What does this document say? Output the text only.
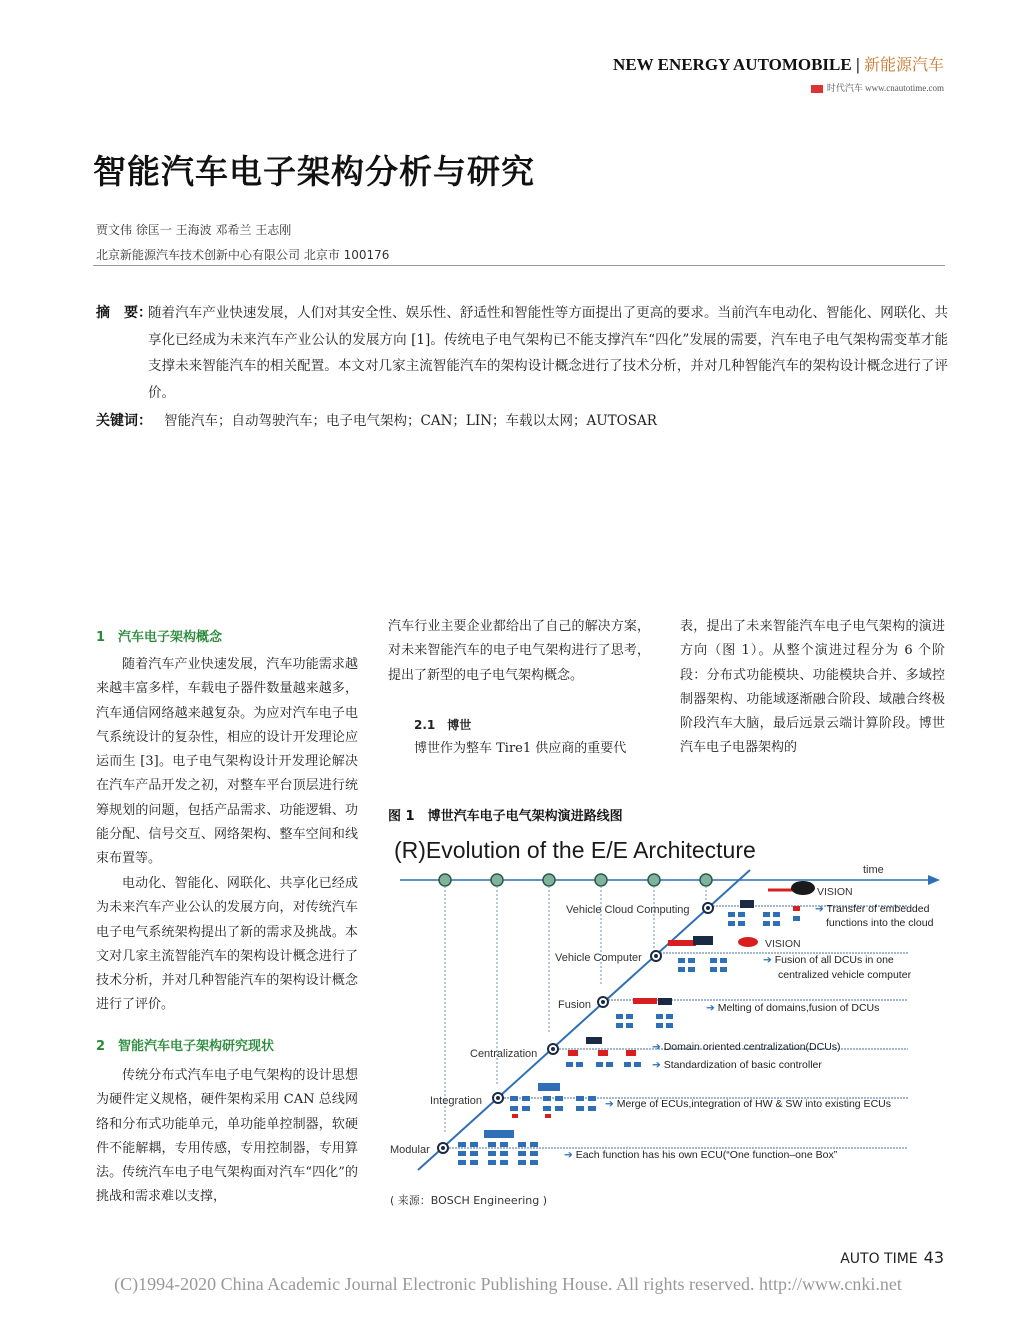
NEW ENERGY AUTOMOBILE | 新能源汽车
时代汽车 www.cnautotime.com
智能汽车电子架构分析与研究
贾文伟 徐匡一 王海波 邓希兰 王志刚
北京新能源汽车技术创新中心有限公司 北京市 100176
摘　要：
随着汽车产业快速发展，人们对其安全性、娱乐性、舒适性和智能性等方面提出了更高的要求。当前汽车电动化、智能化、网联化、共享化已经成为未来汽车产业公认的发展方向 [1]。传统电子电气架构已不能支撑汽车“四化”发展的需要，汽车电子电气架构需变革才能支撑未来智能汽车的相关配置。本文对几家主流智能汽车的架构设计概念进行了技术分析，并对几种智能汽车的架构设计概念进行了评价。
关键词： 智能汽车；自动驾驶汽车；电子电气架构；CAN；LIN；车载以太网；AUTOSAR
1　汽车电子架构概念
随着汽车产业快速发展，汽车功能需求越来越丰富多样，车载电子器件数量越来越多，汽车通信网络越来越复杂。为应对汽车电子电气系统设计的复杂性，相应的设计开发理论应运而生 [3]。电子电气架构设计开发理论解决在汽车产品开发之初，对整车平台顶层进行统筹规划的问题，包括产品需求、功能逻辑、功能分配、信号交互、网络架构、整车空间和线束布置等。
电动化、智能化、网联化、共享化已经成为未来汽车产业公认的发展方向，对传统汽车电子电气系统架构提出了新的需求及挑战。本文对几家主流智能汽车的架构设计概念进行了技术分析，并对几种智能汽车的架构设计概念进行了评价。
2　智能汽车电子架构研究现状
传统分布式汽车电子电气架构的设计思想为硬件定义规格，硬件架构采用 CAN 总线网络和分布式功能单元，单功能单控制器，软硬件不能解耦，专用传感，专用控制器，专用算法。传统汽车电子电气架构面对汽车“四化”的挑战和需求难以支撑，
汽车行业主要企业都给出了自己的解决方案，对未来智能汽车的电子电气架构进行了思考，提出了新型的电子电气架构概念。
2.1　博世
博世作为整车 Tire1 供应商的重要代
表，提出了未来智能汽车电子电气架构的演进方向（图 1）。从整个演进过程分为 6 个阶段：分布式功能模块、功能模块合并、多域控制器架构、功能域逐渐融合阶段、域融合终极阶段汽车大脑，最后远景云端计算阶段。博世汽车电子电器架构的
图 1　博世汽车电子电气架构演进路线图
(R)Evolution of the E/E Architecture
time
Modular
Integration
Centralization
Fusion
Vehicle Computer
Vehicle Cloud Computing
➔ Each function has his own ECU(“One function–one Box”
➔ Merge of ECUs,integration of HW & SW into existing ECUs
➔ Domain oriented centralization(DCUs)
➔ Standardization of basic controller
➔ Melting of domains,fusion of DCUs
VISION
➔ Fusion of all DCUs in one
centralized vehicle computer
VISION
➔ Transfer of embedded
functions into the cloud
( 来源：BOSCH Engineering )
AUTO TIME 43
(C)1994-2020 China Academic Journal Electronic Publishing House. All rights reserved. http://www.cnki.net
